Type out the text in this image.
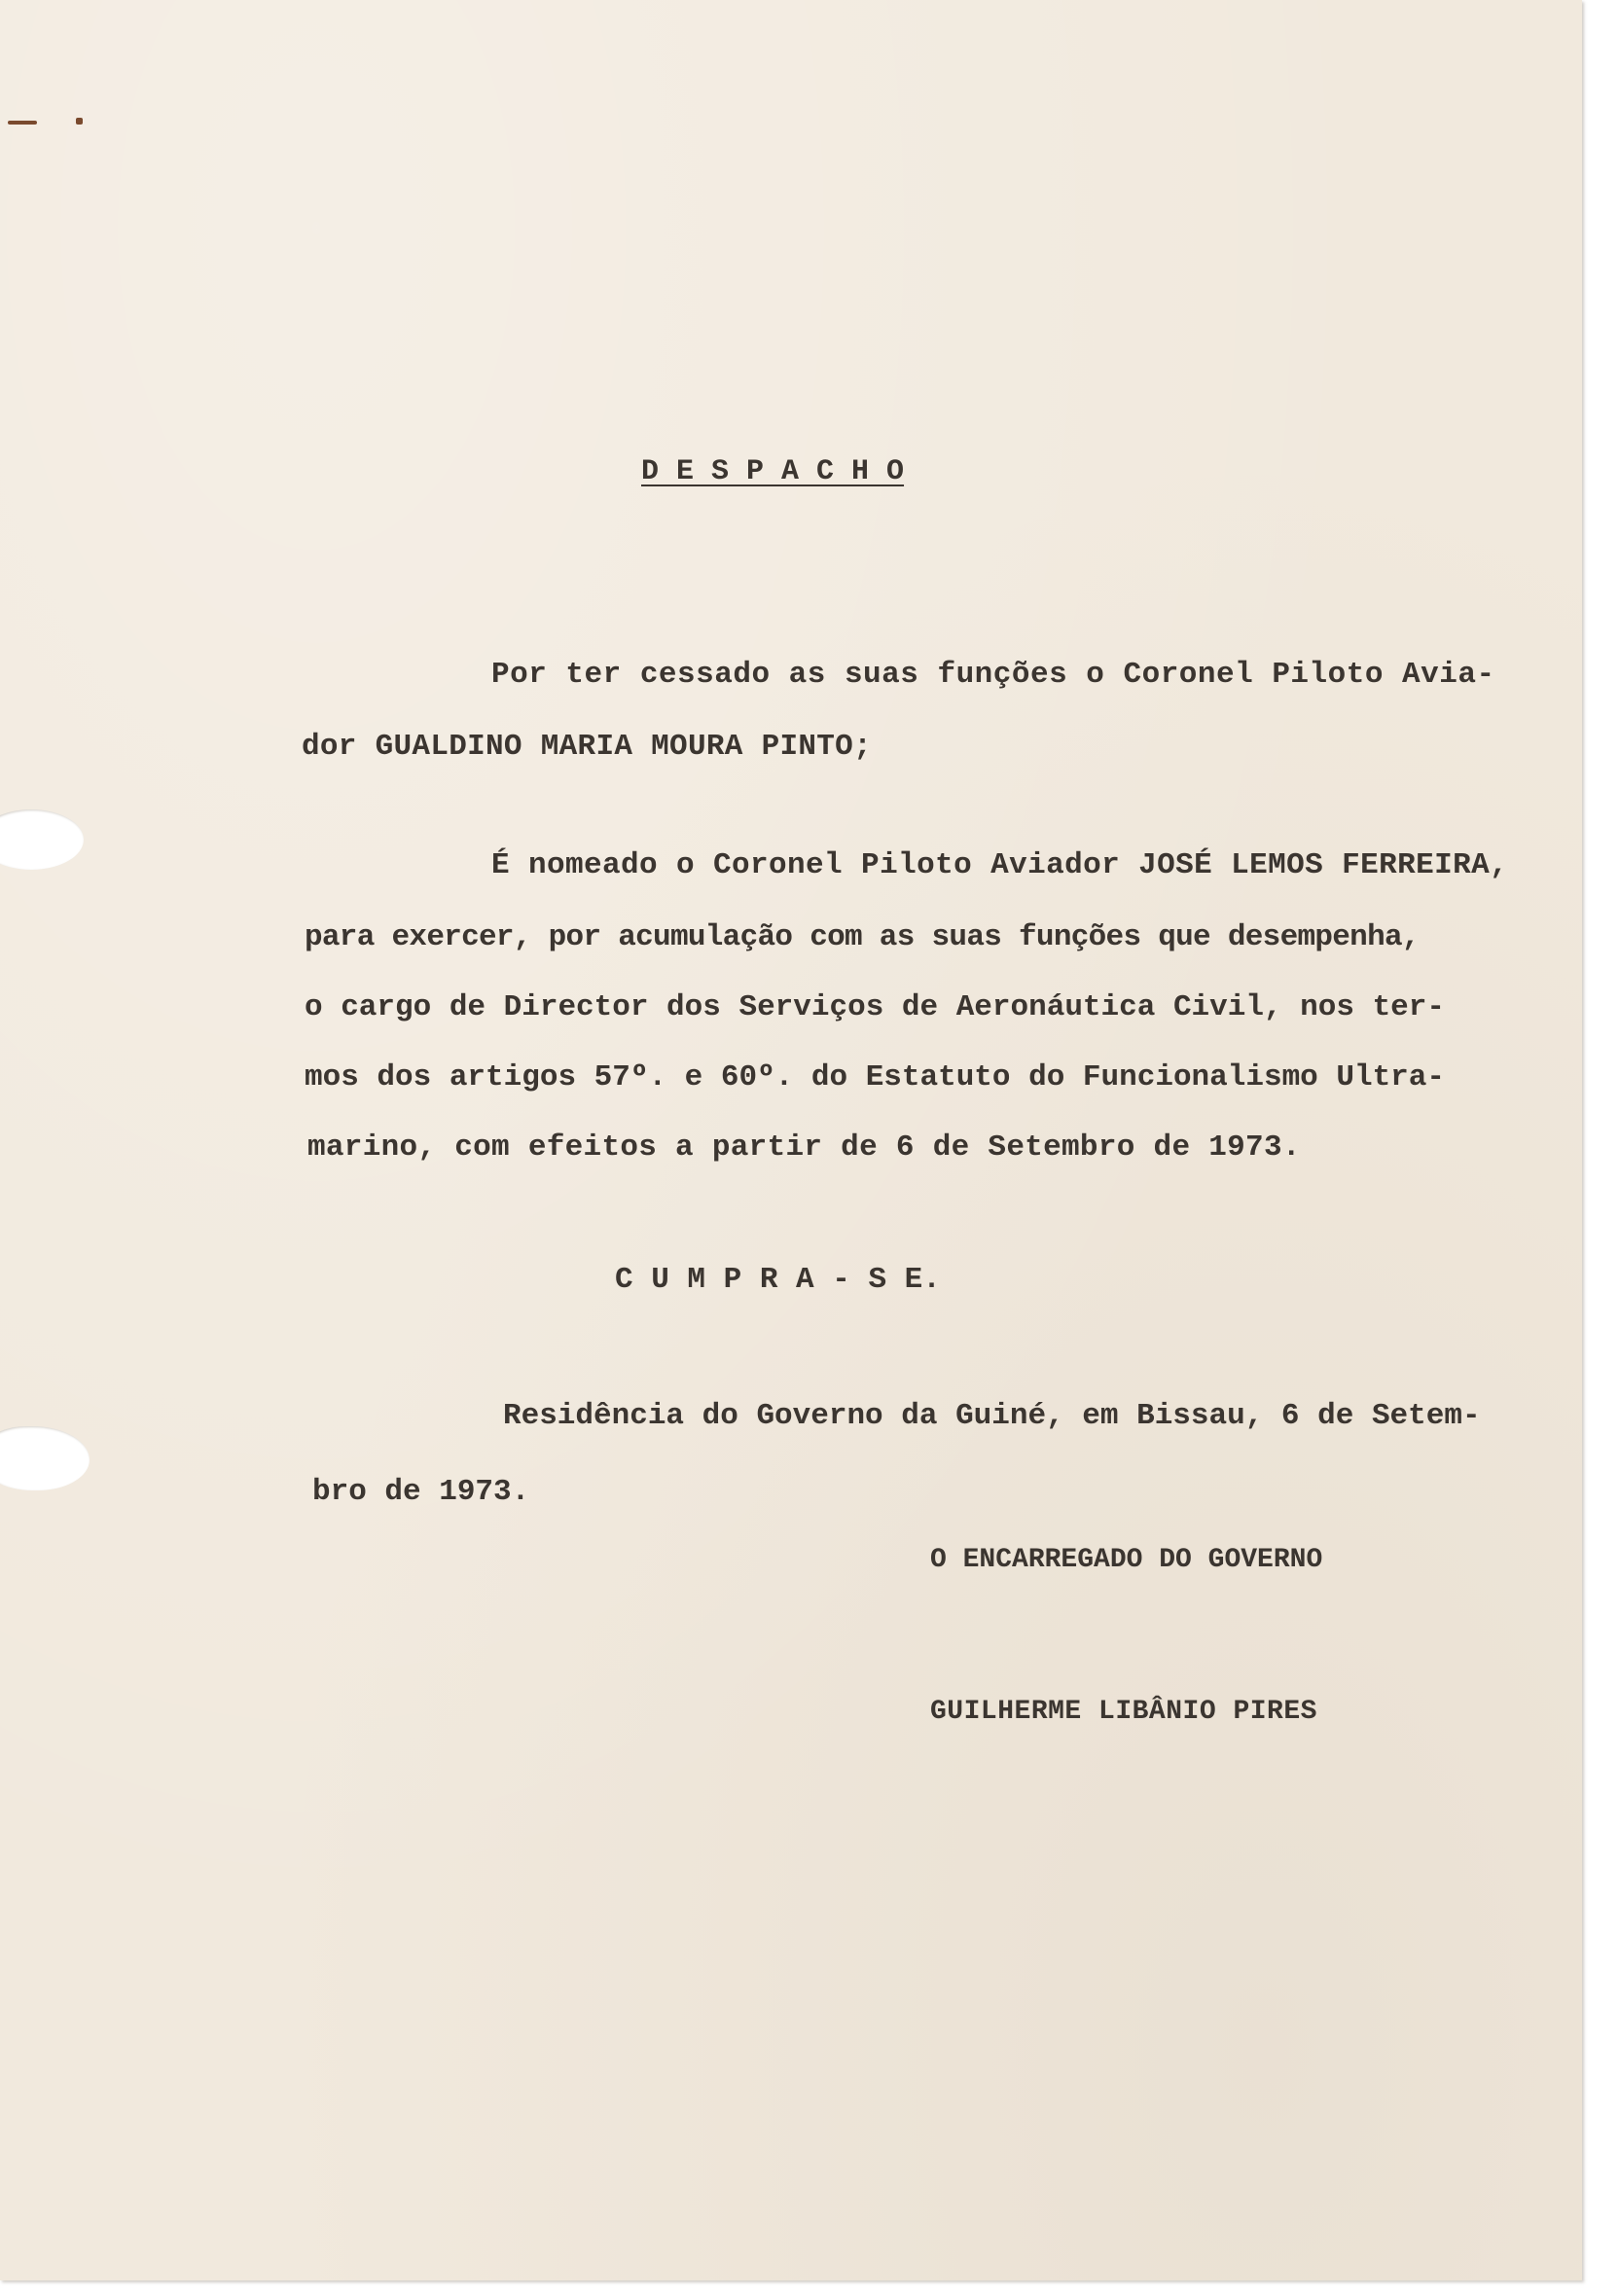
D E S P A C H O
Por ter cessado as suas funções o Coronel Piloto Avia-
dor GUALDINO MARIA MOURA PINTO;
É nomeado o Coronel Piloto Aviador JOSÉ LEMOS FERREIRA,
para exercer, por acumulação com as suas funções que desempenha,
o cargo de Director dos Serviços de Aeronáutica Civil, nos ter-
mos dos artigos 57º. e 60º. do Estatuto do Funcionalismo Ultra-
marino, com efeitos a partir de 6 de Setembro de 1973.
C U M P R A - S E.
Residência do Governo da Guiné, em Bissau, 6 de Setem-
bro de 1973.
O ENCARREGADO DO GOVERNO
GUILHERME LIBÂNIO PIRES
